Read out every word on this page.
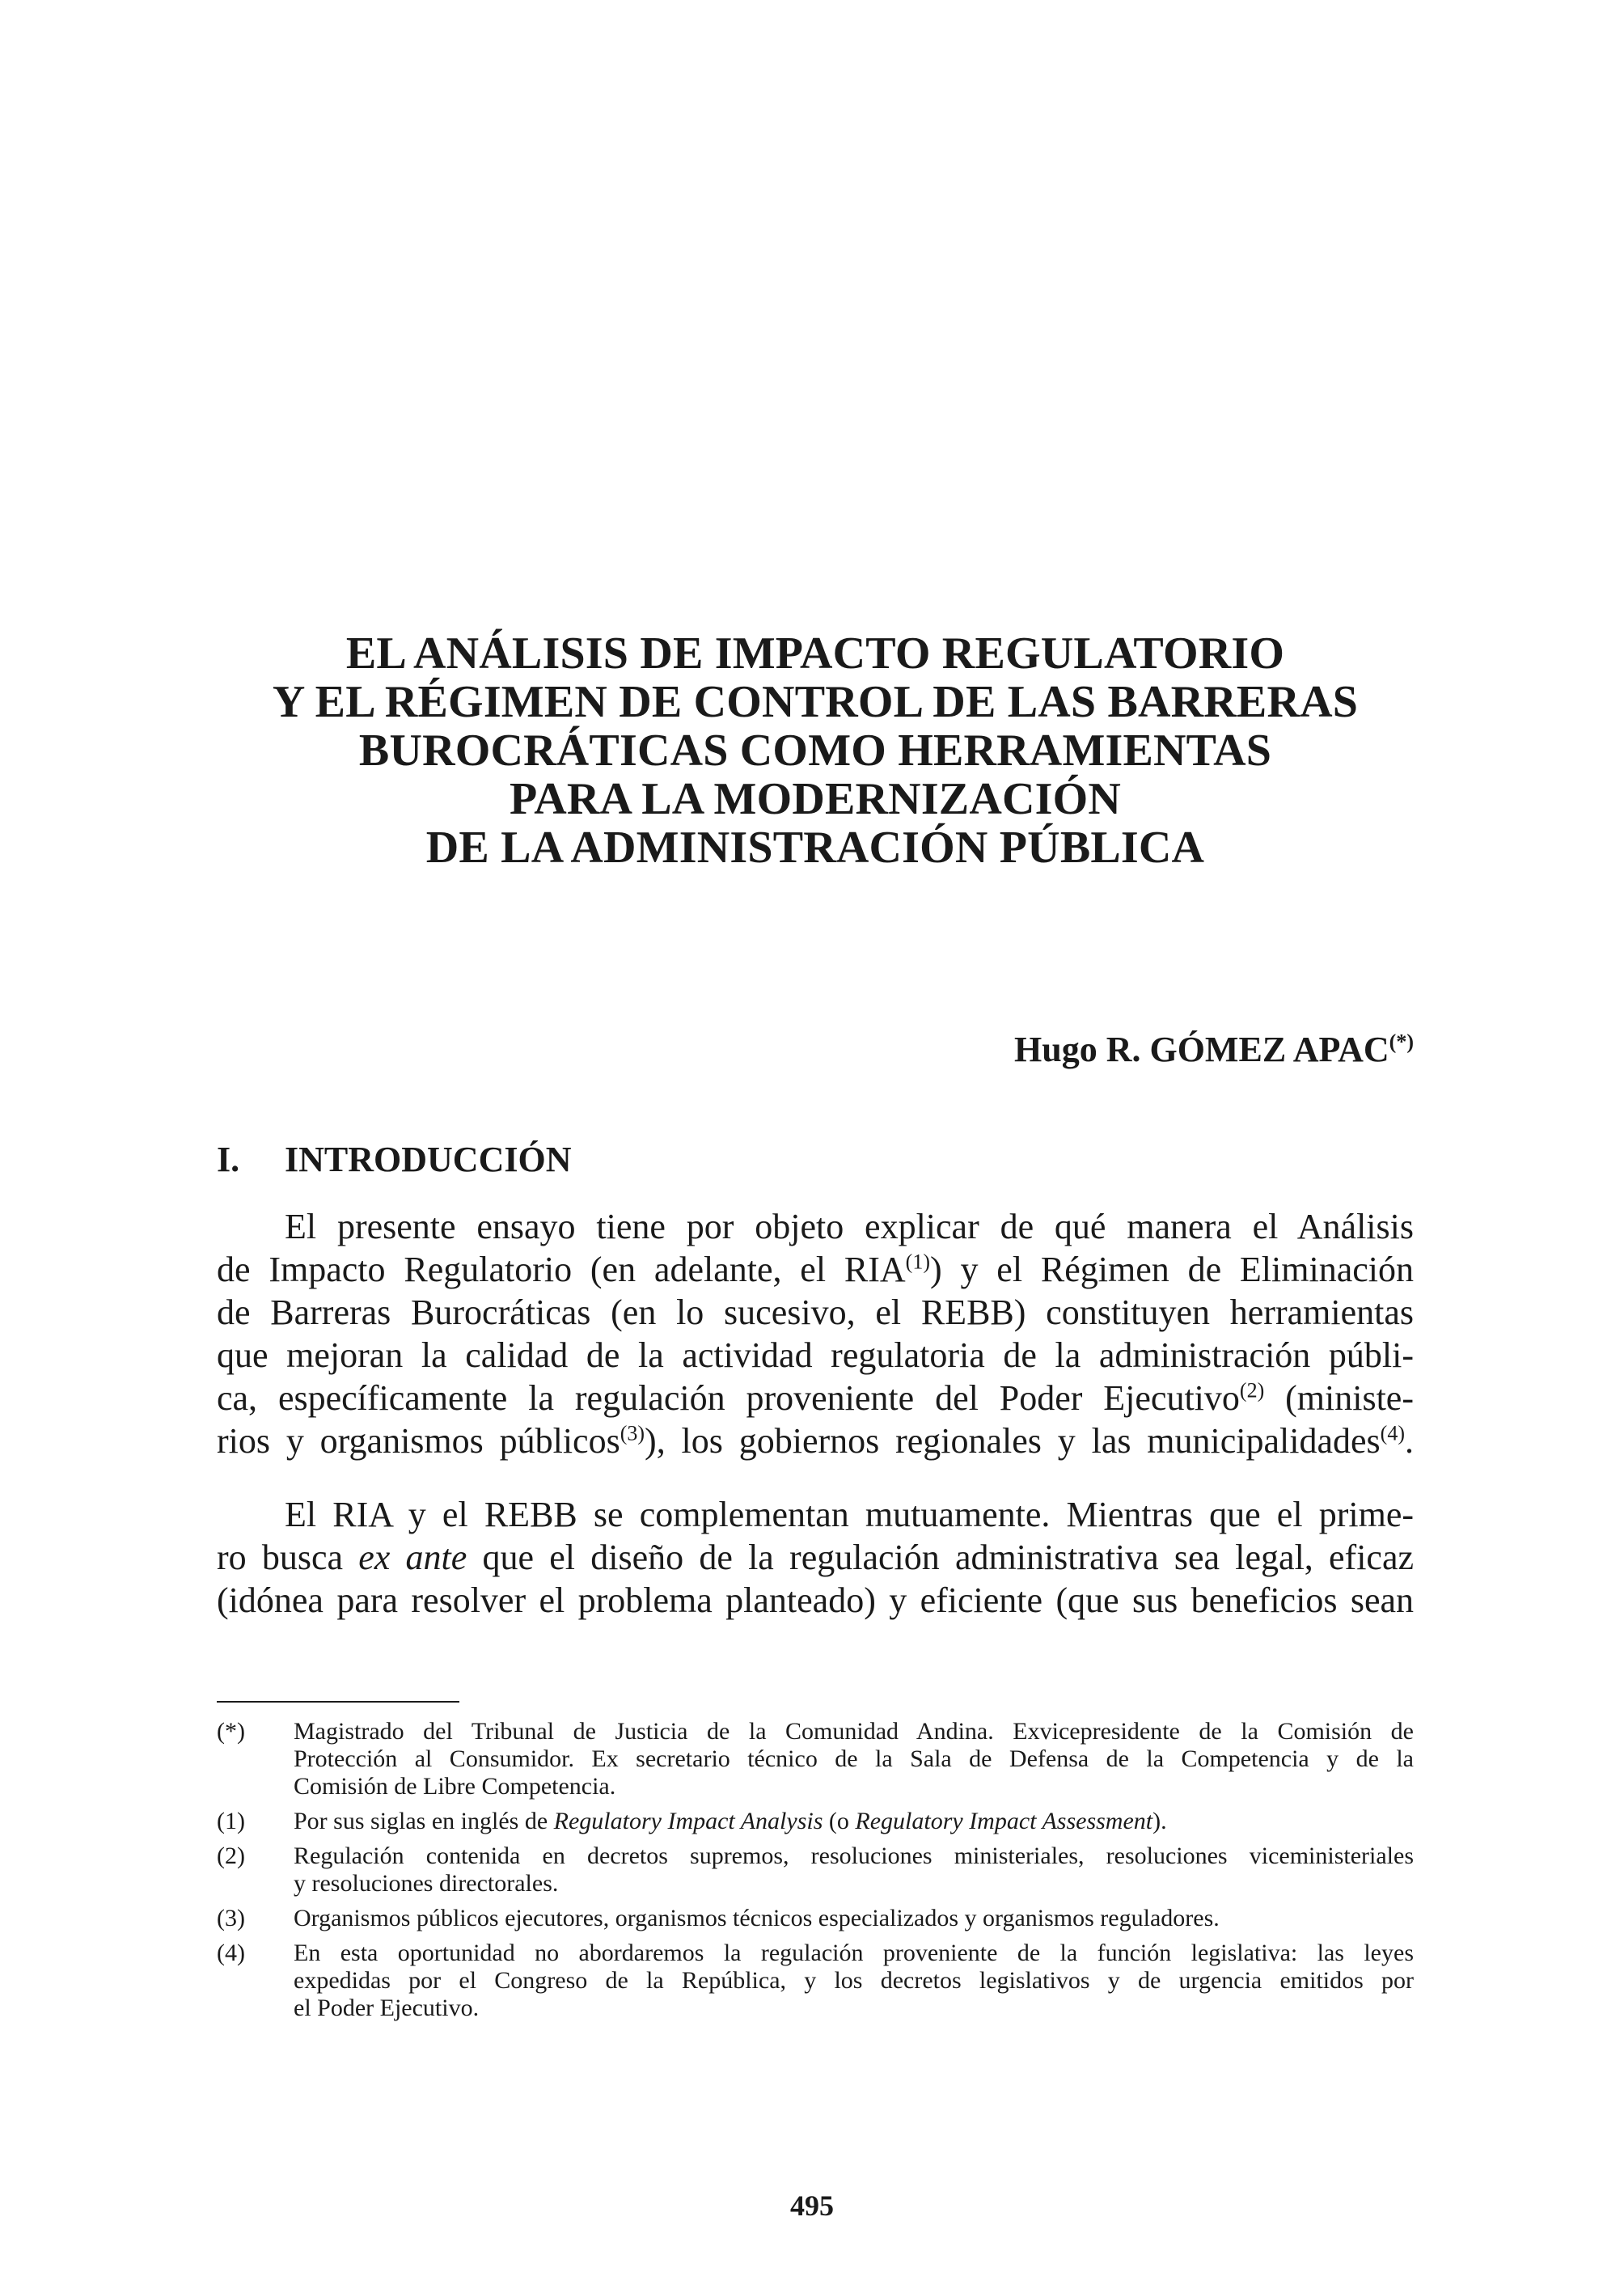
EL ANÁLISIS DE IMPACTO REGULATORIO
Y EL RÉGIMEN DE CONTROL DE LAS BARRERAS
BUROCRÁTICAS COMO HERRAMIENTAS
PARA LA MODERNIZACIÓN
DE LA ADMINISTRACIÓN PÚBLICA
Hugo R. GÓMEZ APAC(*)
I. INTRODUCCIÓN
El presente ensayo tiene por objeto explicar de qué manera el Análisis
de Impacto Regulatorio (en adelante, el RIA$^{(1)}$) y el Régimen de Eliminación
de Barreras Burocráticas (en lo sucesivo, el REBB) constituyen herramientas
que mejoran la calidad de la actividad regulatoria de la administración públi-
ca, específicamente la regulación proveniente del Poder Ejecutivo$^{(2)}$ (ministe-
rios y organismos públicos$^{(3)}$), los gobiernos regionales y las municipalidades$^{(4)}$.
El RIA y el REBB se complementan mutuamente. Mientras que el prime-
ro busca ex ante que el diseño de la regulación administrativa sea legal, eficaz
(idónea para resolver el problema planteado) y eficiente (que sus beneficios sean
(*) Magistrado del Tribunal de Justicia de la Comunidad Andina. Exvicepresidente de la Comisión de
Protección al Consumidor. Ex secretario técnico de la Sala de Defensa de la Competencia y de la
Comisión de Libre Competencia.
(1) Por sus siglas en inglés de Regulatory Impact Analysis (o Regulatory Impact Assessment).
(2) Regulación contenida en decretos supremos, resoluciones ministeriales, resoluciones viceministeriales
y resoluciones directorales.
(3) Organismos públicos ejecutores, organismos técnicos especializados y organismos reguladores.
(4) En esta oportunidad no abordaremos la regulación proveniente de la función legislativa: las leyes
expedidas por el Congreso de la República, y los decretos legislativos y de urgencia emitidos por
el Poder Ejecutivo.
495
